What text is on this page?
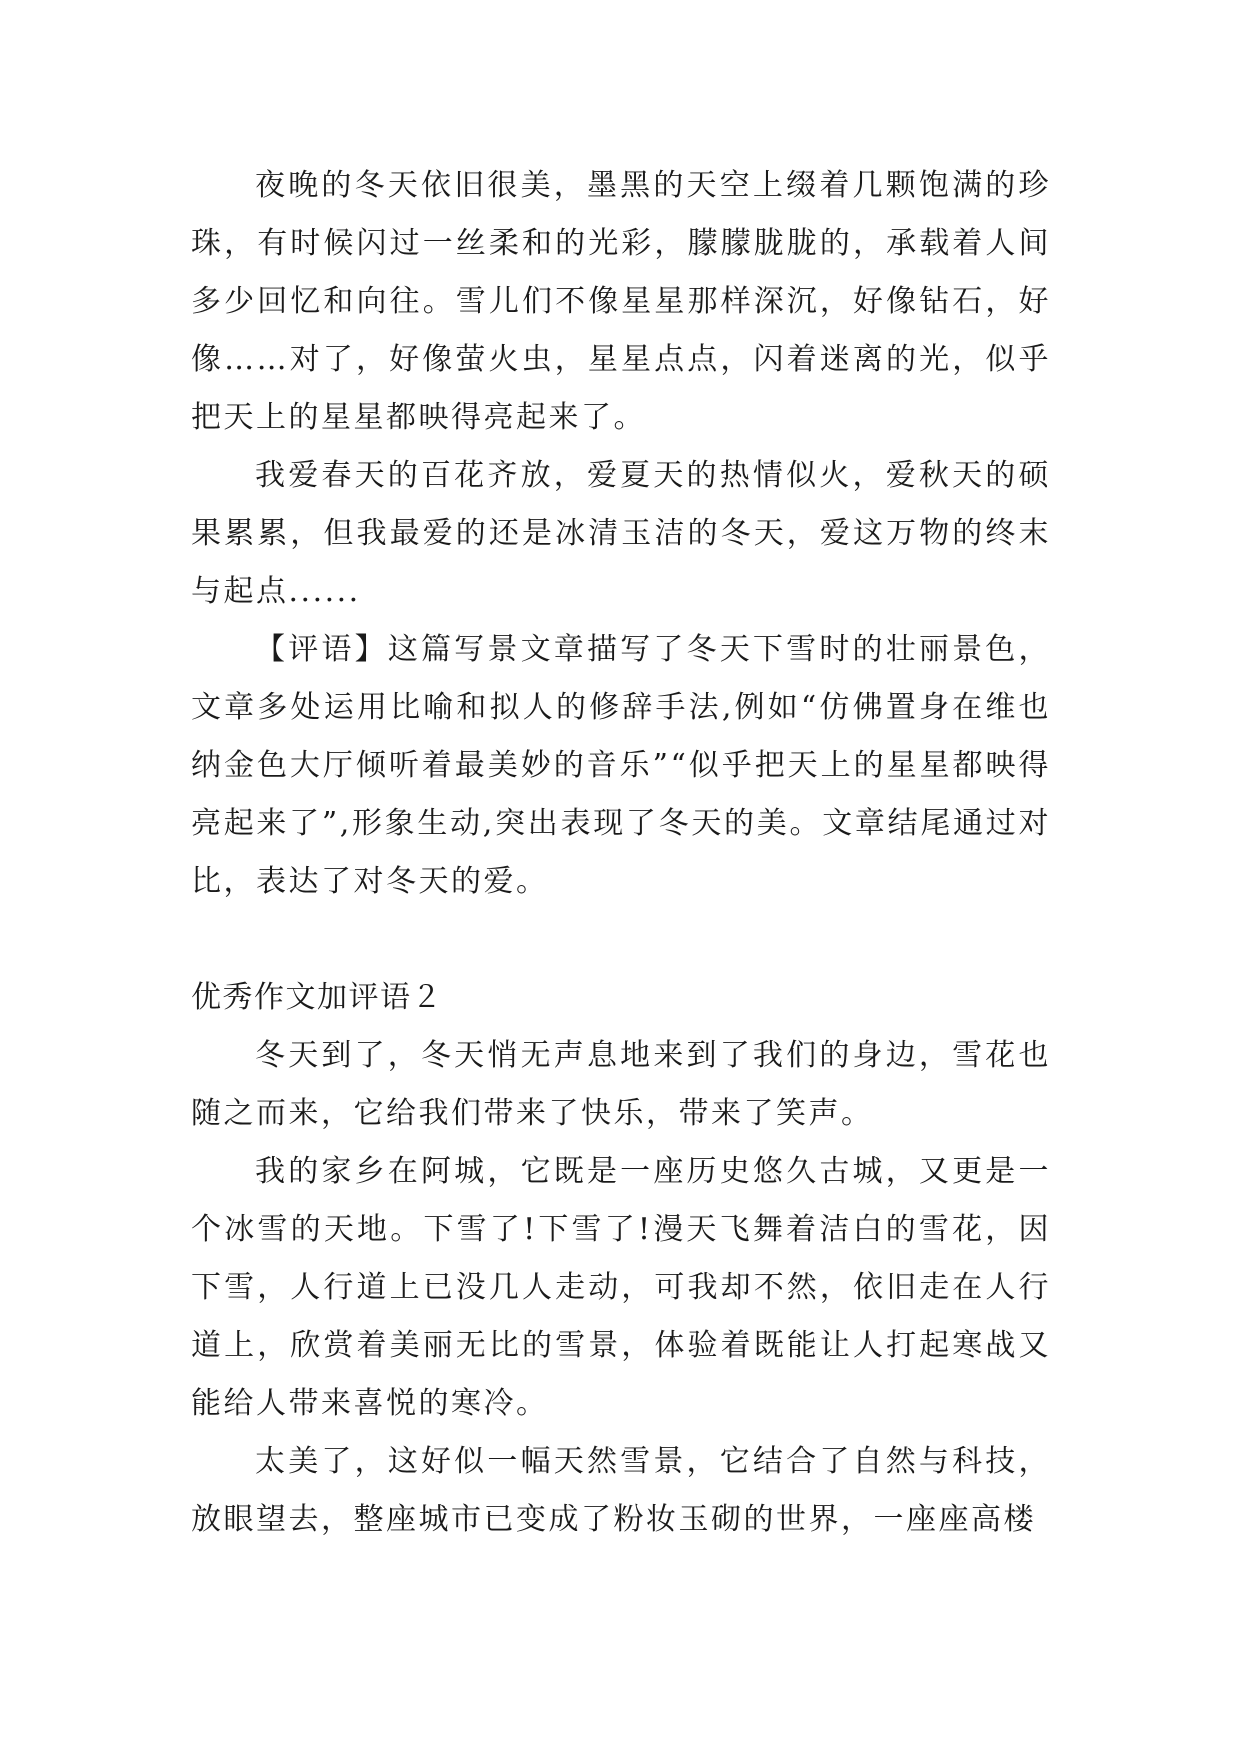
夜晚的冬天依旧很美，墨黑的天空上缀着几颗饱满的珍珠，有时候闪过一丝柔和的光彩，朦朦胧胧的，承载着人间多少回忆和向往。雪儿们不像星星那样深沉，好像钻石，好像……对了，好像萤火虫，星星点点，闪着迷离的光，似乎把天上的星星都映得亮起来了。

我爱春天的百花齐放，爱夏天的热情似火，爱秋天的硕果累累，但我最爱的还是冰清玉洁的冬天，爱这万物的终末与起点......

【评语】这篇写景文章描写了冬天下雪时的壮丽景色，文章多处运用比喻和拟人的修辞手法,例如“仿佛置身在维也纳金色大厅倾听着最美妙的音乐”“似乎把天上的星星都映得亮起来了”,形象生动,突出表现了冬天的美。文章结尾通过对比，表达了对冬天的爱。

优秀作文加评语２

冬天到了，冬天悄无声息地来到了我们的身边，雪花也随之而来，它给我们带来了快乐，带来了笑声。

我的家乡在阿城，它既是一座历史悠久古城，又更是一个冰雪的天地。下雪了!下雪了!漫天飞舞着洁白的雪花，因下雪，人行道上已没几人走动，可我却不然，依旧走在人行道上，欣赏着美丽无比的雪景，体验着既能让人打起寒战又能给人带来喜悦的寒冷。

太美了，这好似一幅天然雪景，它结合了自然与科技，放眼望去，整座城市已变成了粉妆玉砌的世界，一座座高楼
